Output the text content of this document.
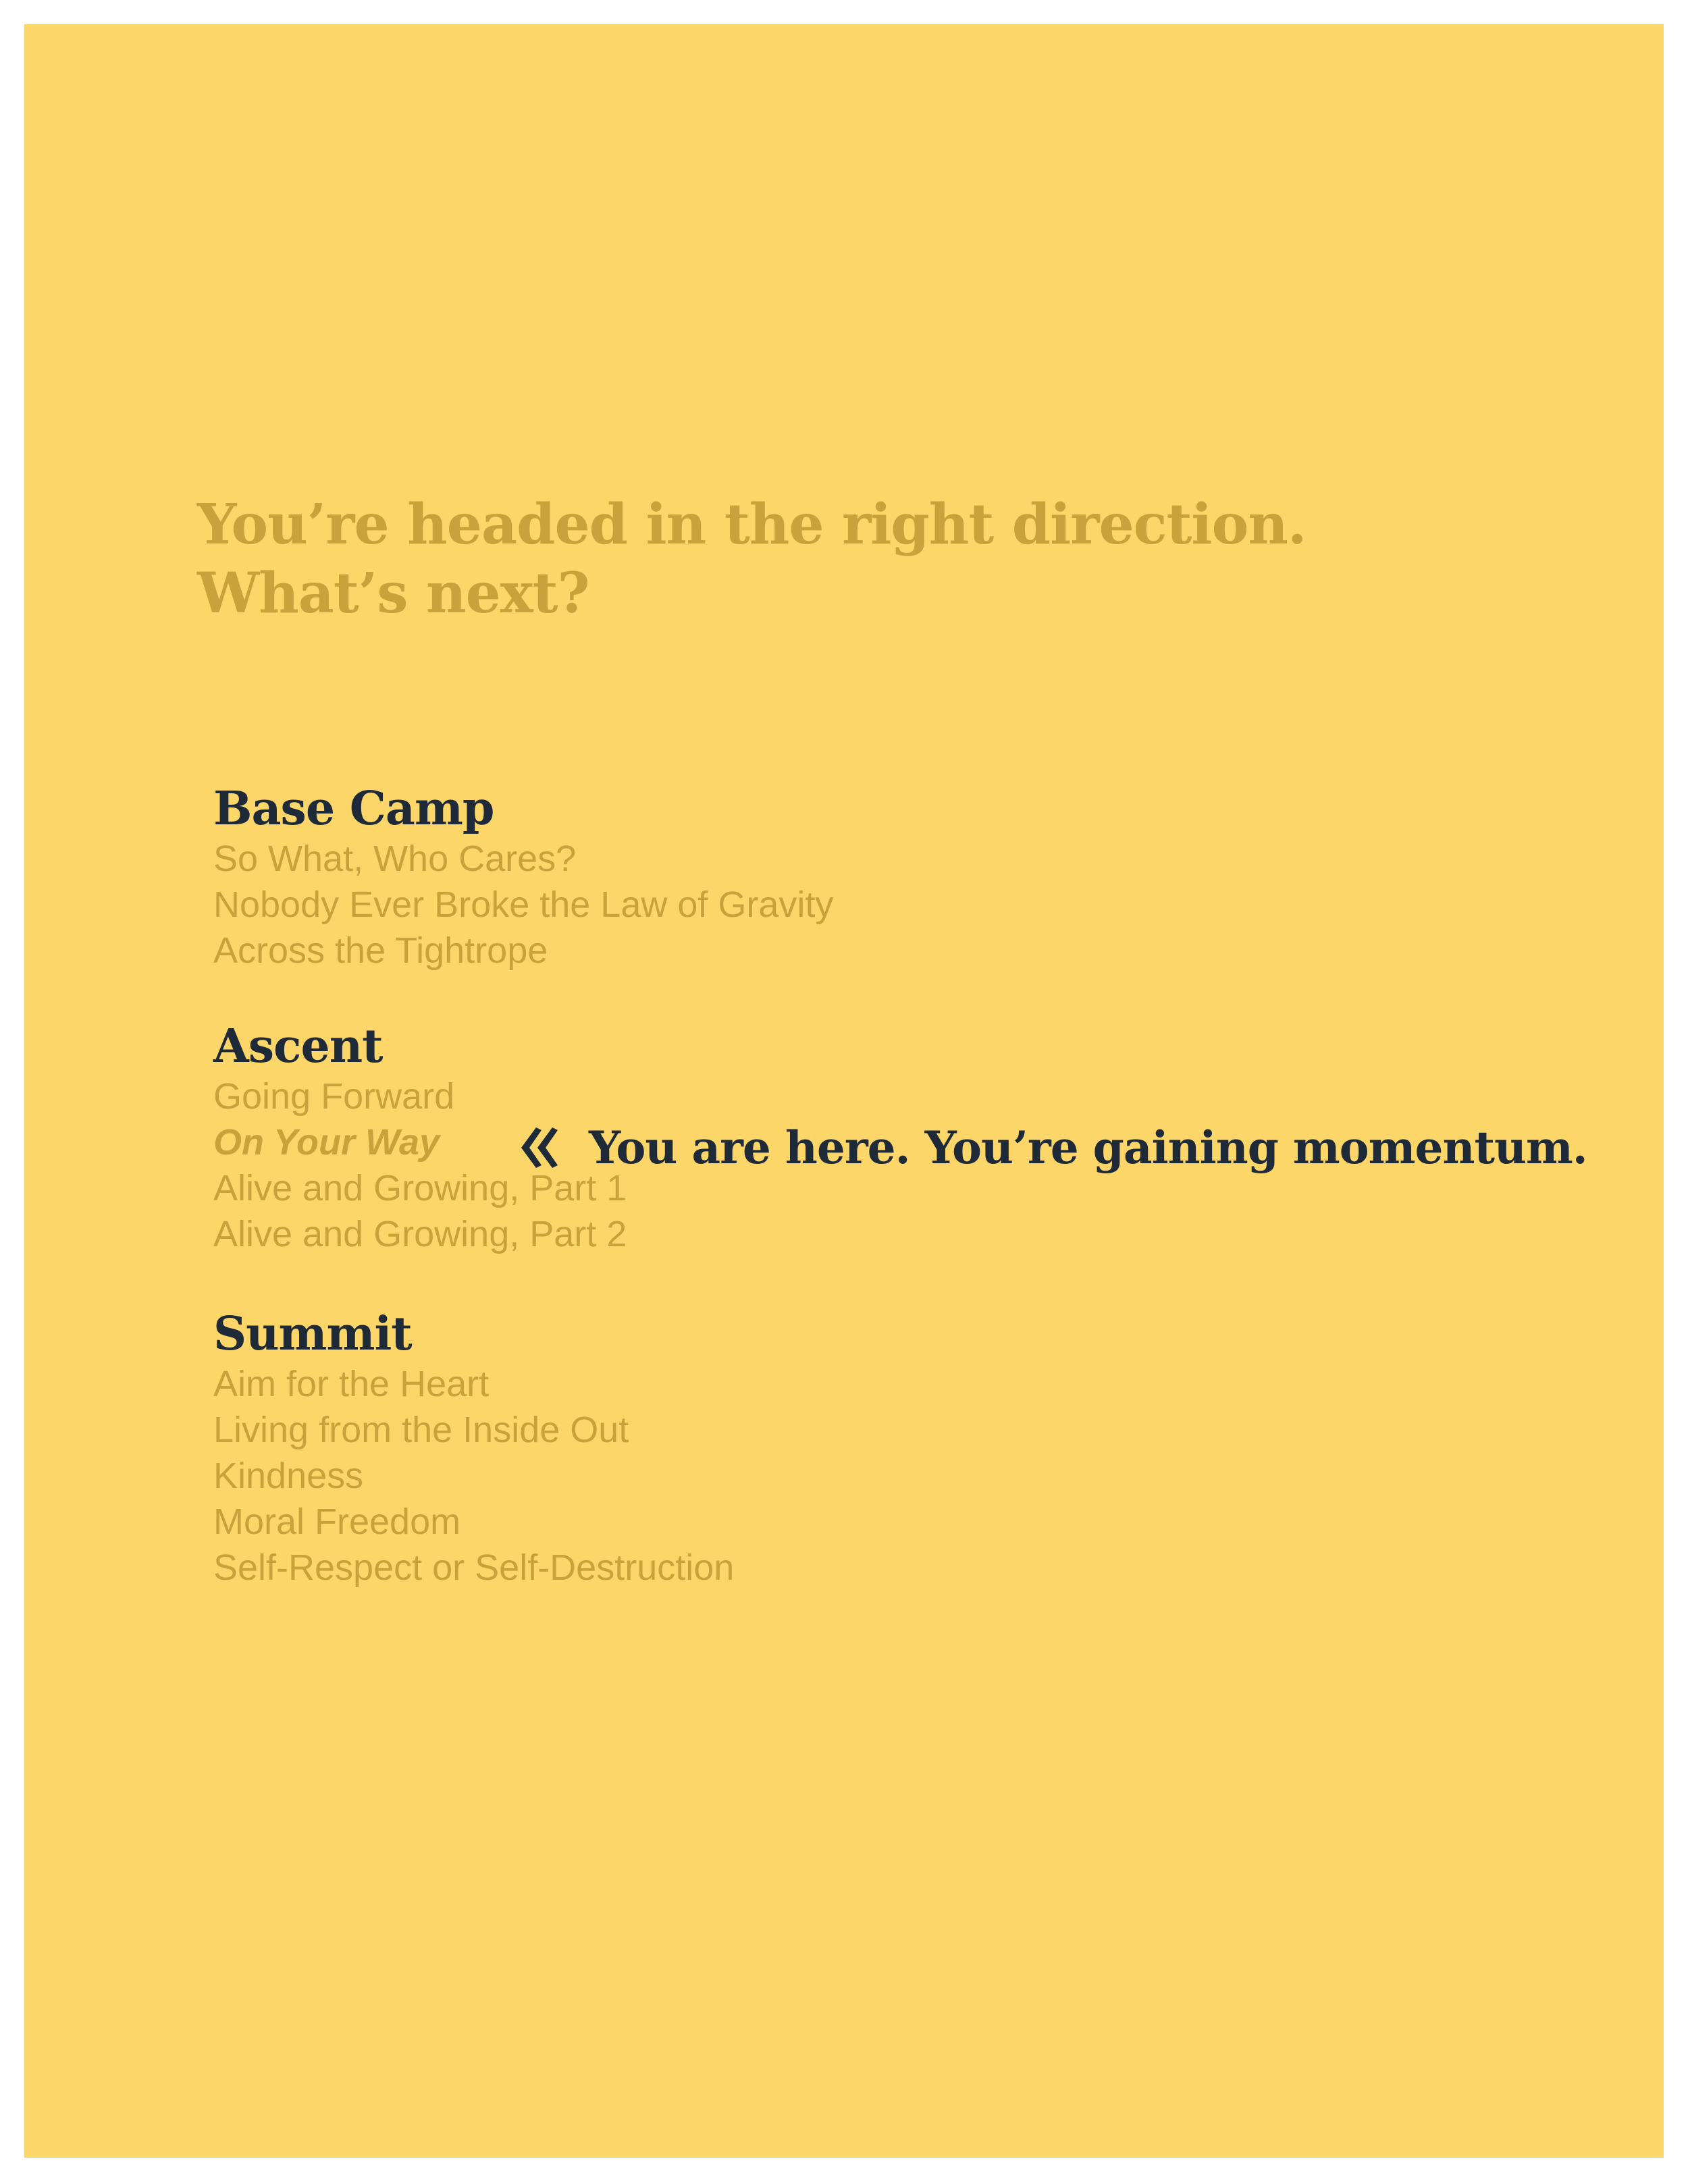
You’re headed in the right direction.
What’s next?
Base Camp
So What, Who Cares?
Nobody Ever Broke the Law of Gravity
Across the Tightrope
Ascent
Going Forward
On Your Way
Alive and Growing, Part 1
Alive and Growing, Part 2
You are here. You’re gaining momentum.
Summit
Aim for the Heart
Living from the Inside Out
Kindness
Moral Freedom
Self-Respect or Self-Destruction
